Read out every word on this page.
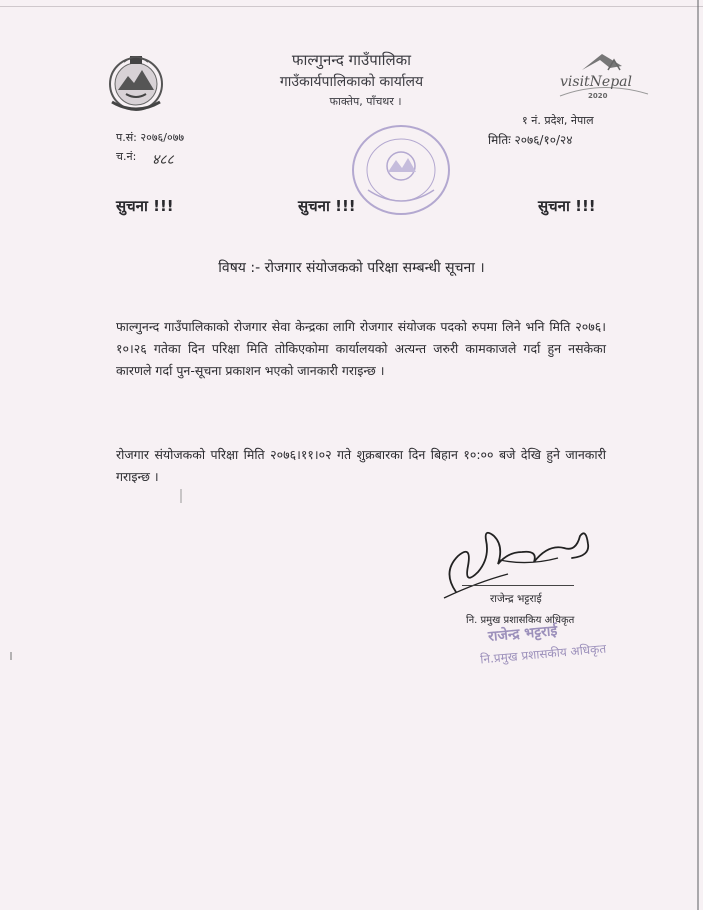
फाल्गुनन्द गाउँपालिका
गाउँकार्यपालिकाको कार्यालय
फाक्तेप, पाँचथर ।
visitNepal
2020
१ नं. प्रदेश, नेपाल
मितिः २०७६/१०/२४
प.सं: २०७६/०७७
च.नं: ४८८
सुचना !!!	सुचना !!!	सुचना !!!
विषय :- रोजगार संयोजकको परिक्षा सम्बन्धी सूचना ।
फाल्गुनन्द गाउँपालिकाको रोजगार सेवा केन्द्रका लागि रोजगार संयोजक पदको रुपमा लिने भनि मिति २०७६।१०।२६ गतेका दिन परिक्षा मिति तोकिएकोमा कार्यालयको अत्यन्त जरुरी कामकाजले गर्दा हुन नसकेका कारणले गर्दा पुन-सूचना प्रकाशन भएको जानकारी गराइन्छ ।
रोजगार संयोजकको परिक्षा मिति २०७६।११।०२ गते शुक्रबारका दिन बिहान १०:०० बजे देखि हुने जानकारी गराइन्छ ।
राजेन्द्र भट्टराई
नि. प्रमुख प्रशासकिय अधिकृत
राजेन्द्र भट्टराई
नि.प्रमुख प्रशासकीय अधिकृत
